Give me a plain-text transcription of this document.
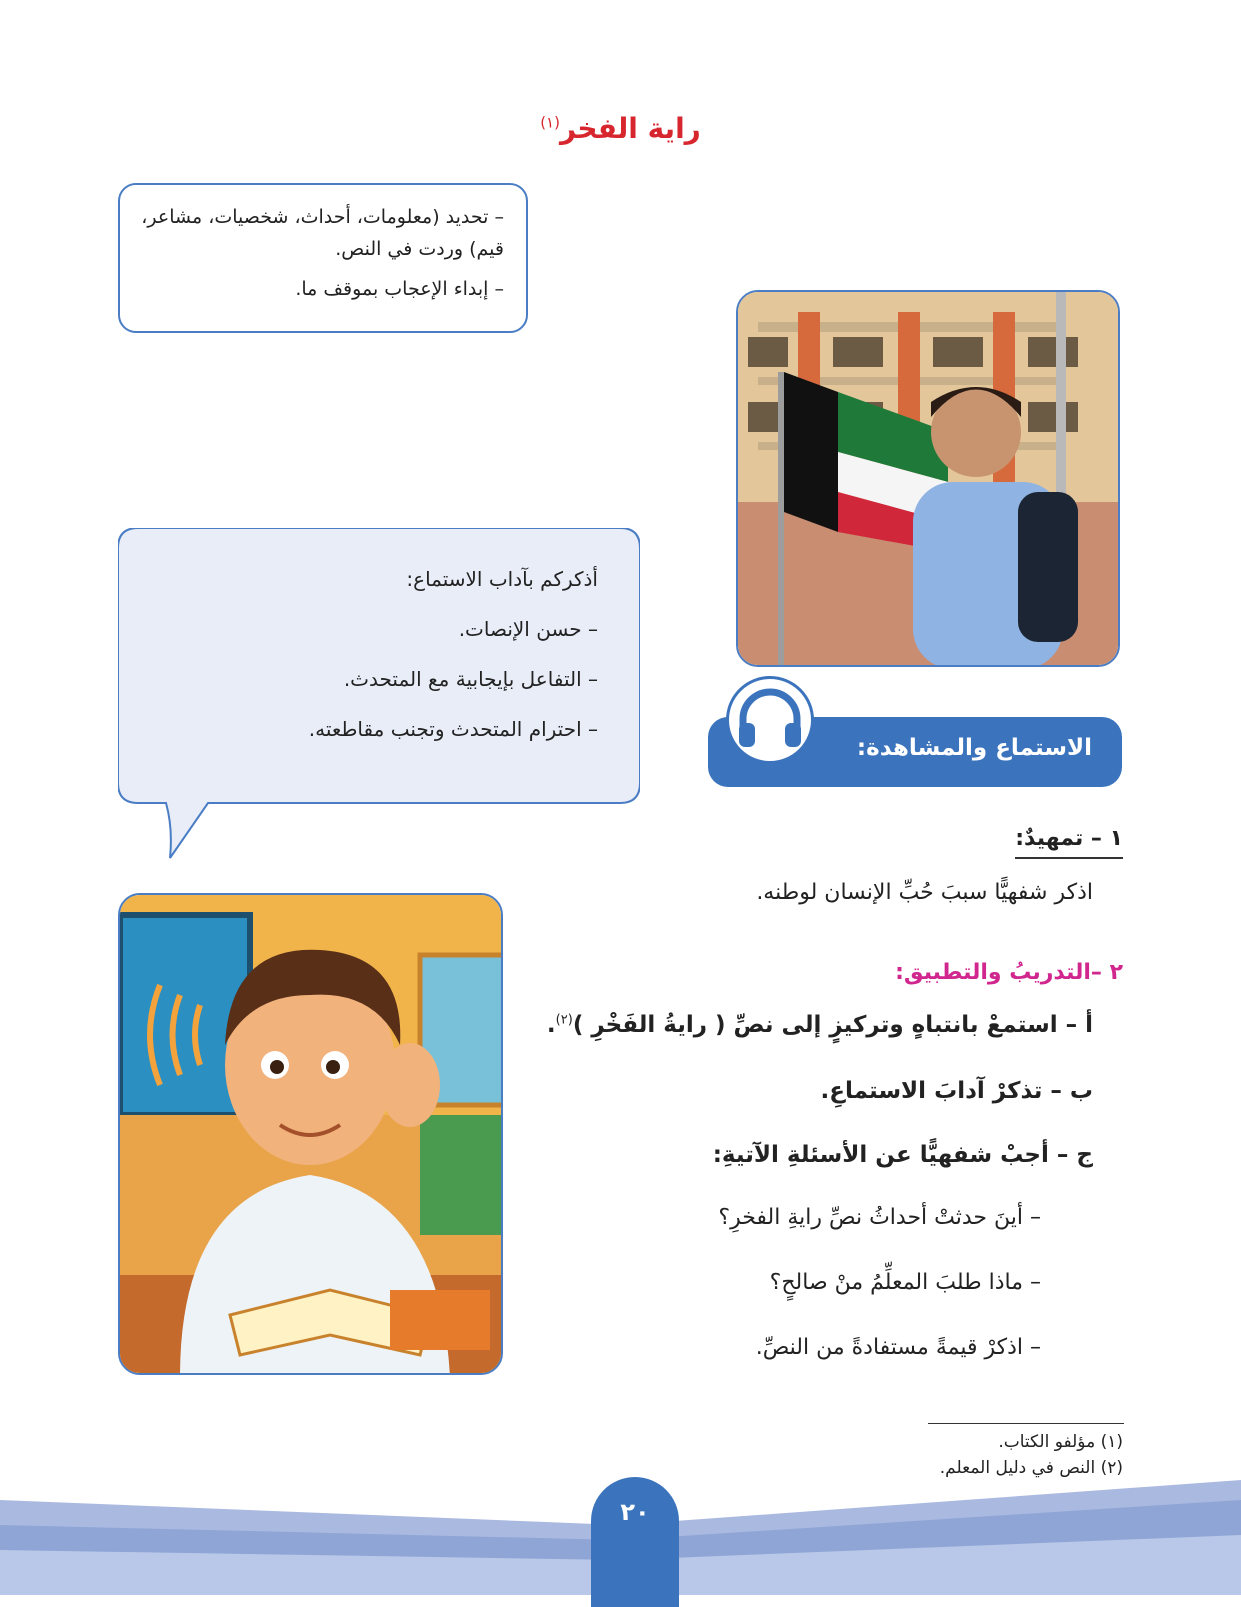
راية الفخر$^{(١)}$

– تحديد (معلومات، أحداث، شخصيات، مشاعر، قيم) وردت في النص.

– إبداء الإعجاب بموقف ما.

أذكركم بآداب الاستماع:

– حسن الإنصات.

– التفاعل بإيجابية مع المتحدث.

– احترام المتحدث وتجنب مقاطعته.

الاستماع والمشاهدة:
١ – تمهيدٌ:
اذكر شفهيًّا سببَ حُبِّ الإنسان لوطنه.
٢ –التدريبُ والتطبيق:
أ – استمعْ بانتباهٍ وتركيزٍ إلى نصِّ ( رايةُ الفَخْرِ )$^{(٢)}$.
ب – تذكرْ آدابَ الاستماعِ.
ج – أجبْ شفهيًّا عن الأسئلةِ الآتيةِ:
– أينَ حدثتْ أحداثُ نصِّ رايةِ الفخرِ؟
– ماذا طلبَ المعلِّمُ منْ صالحٍ؟
– اذكرْ قيمةً مستفادةً من النصِّ.
(١) مؤلفو الكتاب.
(٢) النص في دليل المعلم.
٢٠
